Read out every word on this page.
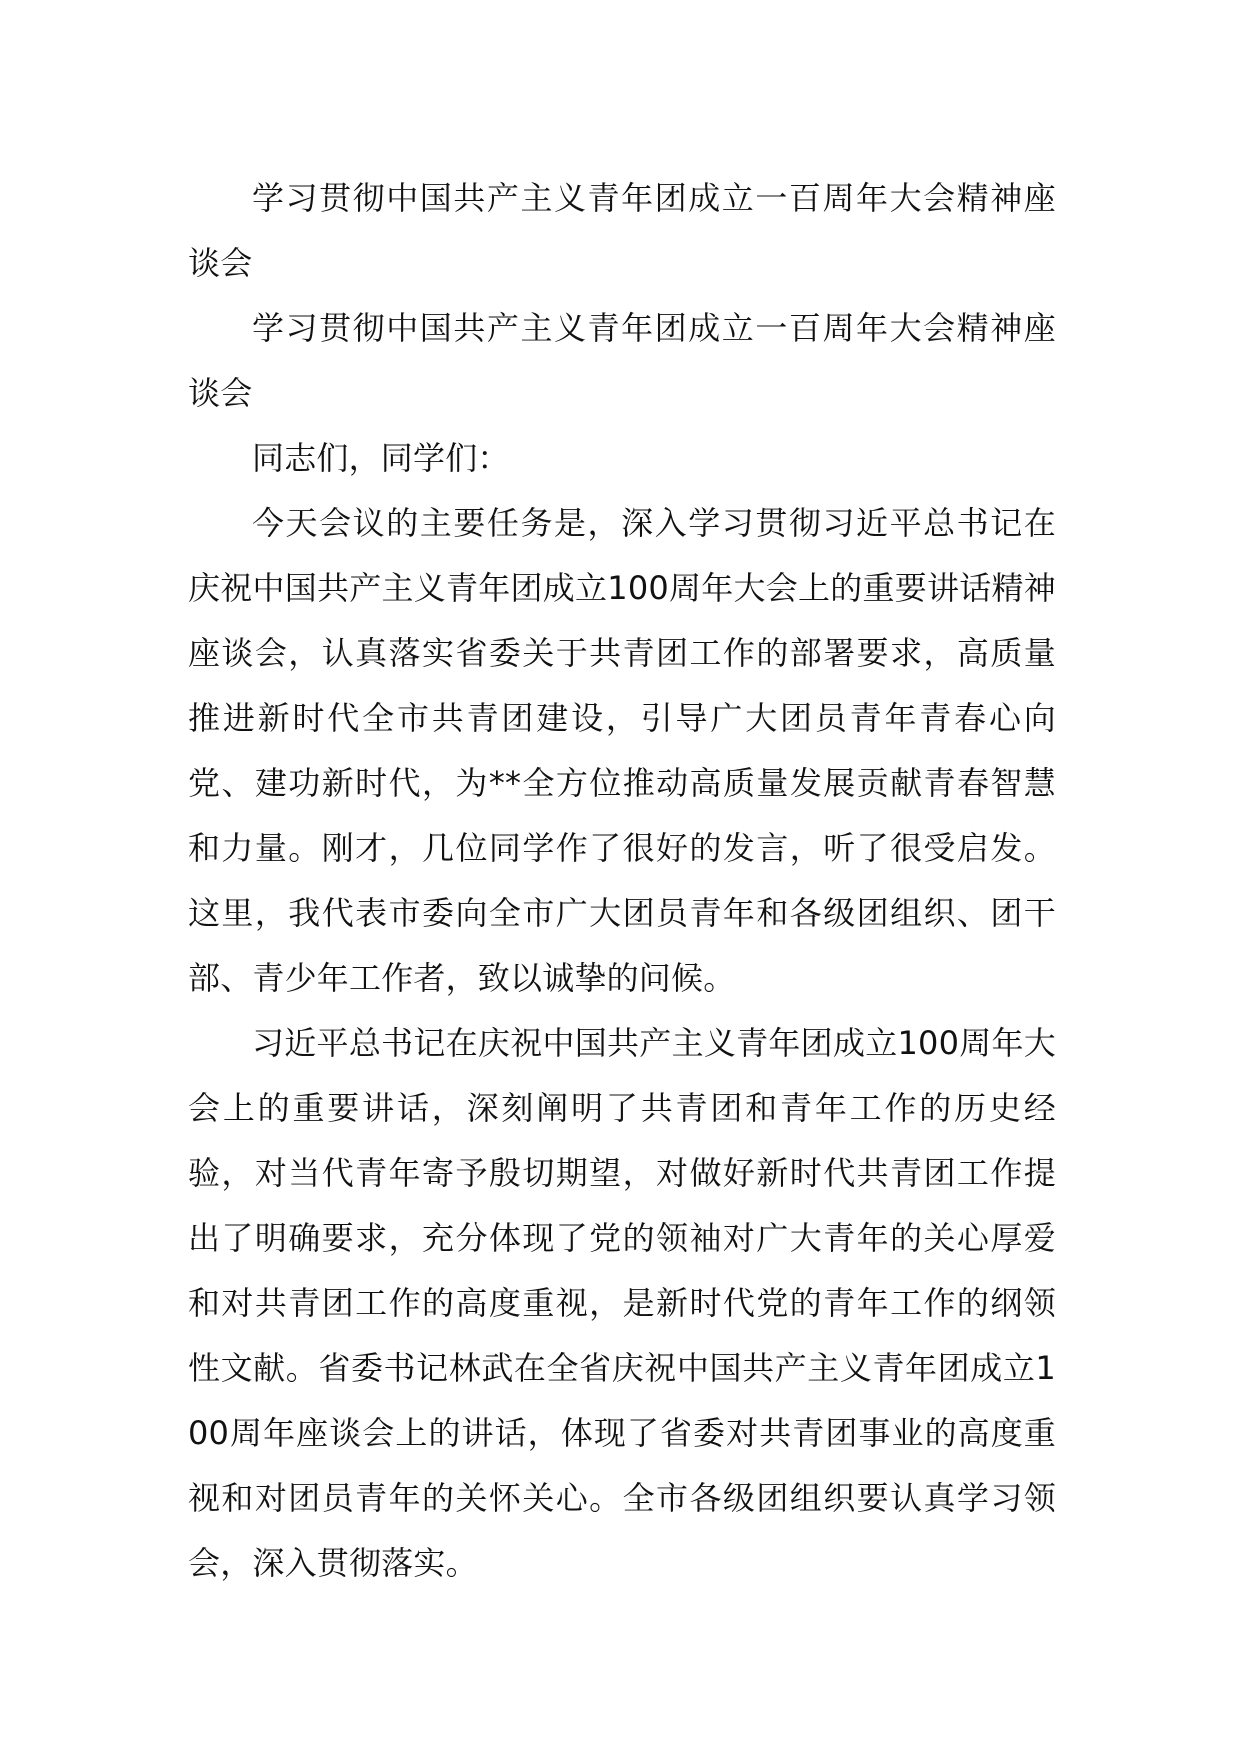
学习贯彻中国共产主义青年团成立一百周年大会精神座谈会

学习贯彻中国共产主义青年团成立一百周年大会精神座谈会

同志们，同学们：

今天会议的主要任务是，深入学习贯彻习近平总书记在庆祝中国共产主义青年团成立100周年大会上的重要讲话精神座谈会，认真落实省委关于共青团工作的部署要求，高质量推进新时代全市共青团建设，引导广大团员青年青春心向党、建功新时代，为**全方位推动高质量发展贡献青春智慧和力量。刚才，几位同学作了很好的发言，听了很受启发。这里，我代表市委向全市广大团员青年和各级团组织、团干部、青少年工作者，致以诚挚的问候。

习近平总书记在庆祝中国共产主义青年团成立100周年大会上的重要讲话，深刻阐明了共青团和青年工作的历史经验，对当代青年寄予殷切期望，对做好新时代共青团工作提出了明确要求，充分体现了党的领袖对广大青年的关心厚爱和对共青团工作的高度重视，是新时代党的青年工作的纲领性文献。省委书记林武在全省庆祝中国共产主义青年团成立100周年座谈会上的讲话，体现了省委对共青团事业的高度重视和对团员青年的关怀关心。全市各级团组织要认真学习领会，深入贯彻落实。
